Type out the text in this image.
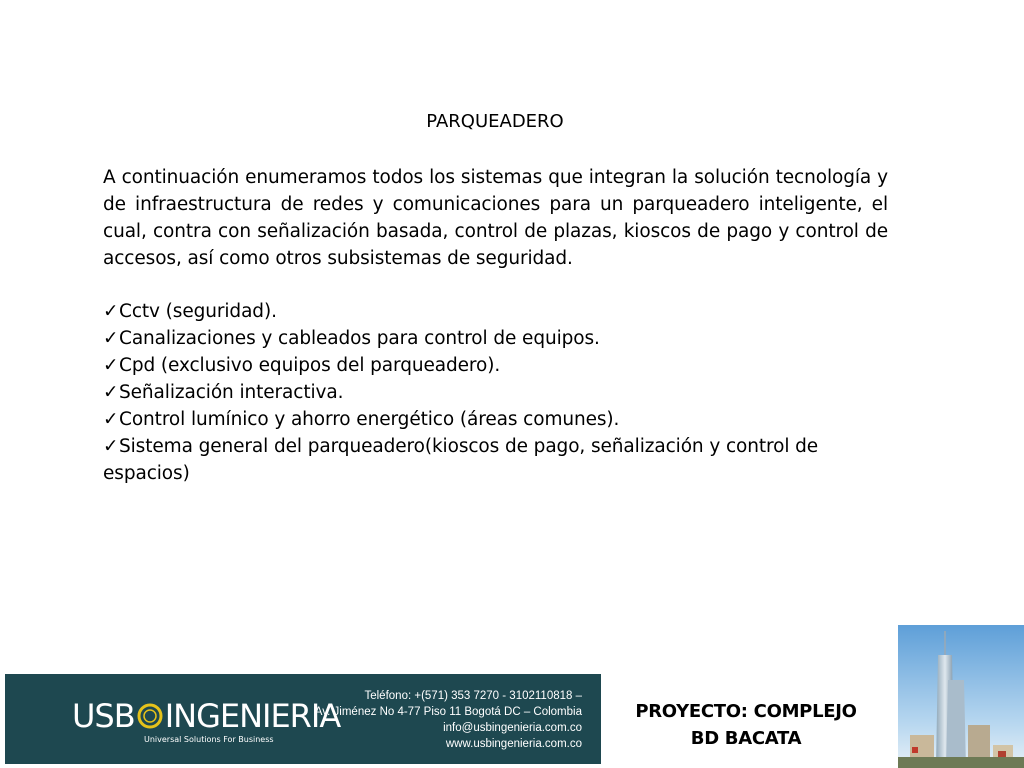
PARQUEADERO

A continuación enumeramos todos los sistemas que integran la solución tecnología y de infraestructura de redes y comunicaciones para un parqueadero inteligente, el cual, contra con señalización basada, control de plazas, kioscos de pago y control de accesos, así como otros subsistemas de seguridad.

✓Cctv (seguridad).
✓Canalizaciones y cableados para control de equipos.
✓Cpd (exclusivo equipos del parqueadero).
✓Señalización interactiva.
✓Control lumínico y ahorro energético (áreas comunes).
✓Sistema general del parqueadero(kioscos de pago, señalización y control de espacios)
USB INGENIERIA
Universal Solutions For Business
Teléfono: +(571) 353 7270 - 3102110818 –
Av. Jiménez No 4-77 Piso 11 Bogotá DC – Colombia
info@usbingenieria.com.co
www.usbingenieria.com.co
PROYECTO: COMPLEJO
BD BACATA
